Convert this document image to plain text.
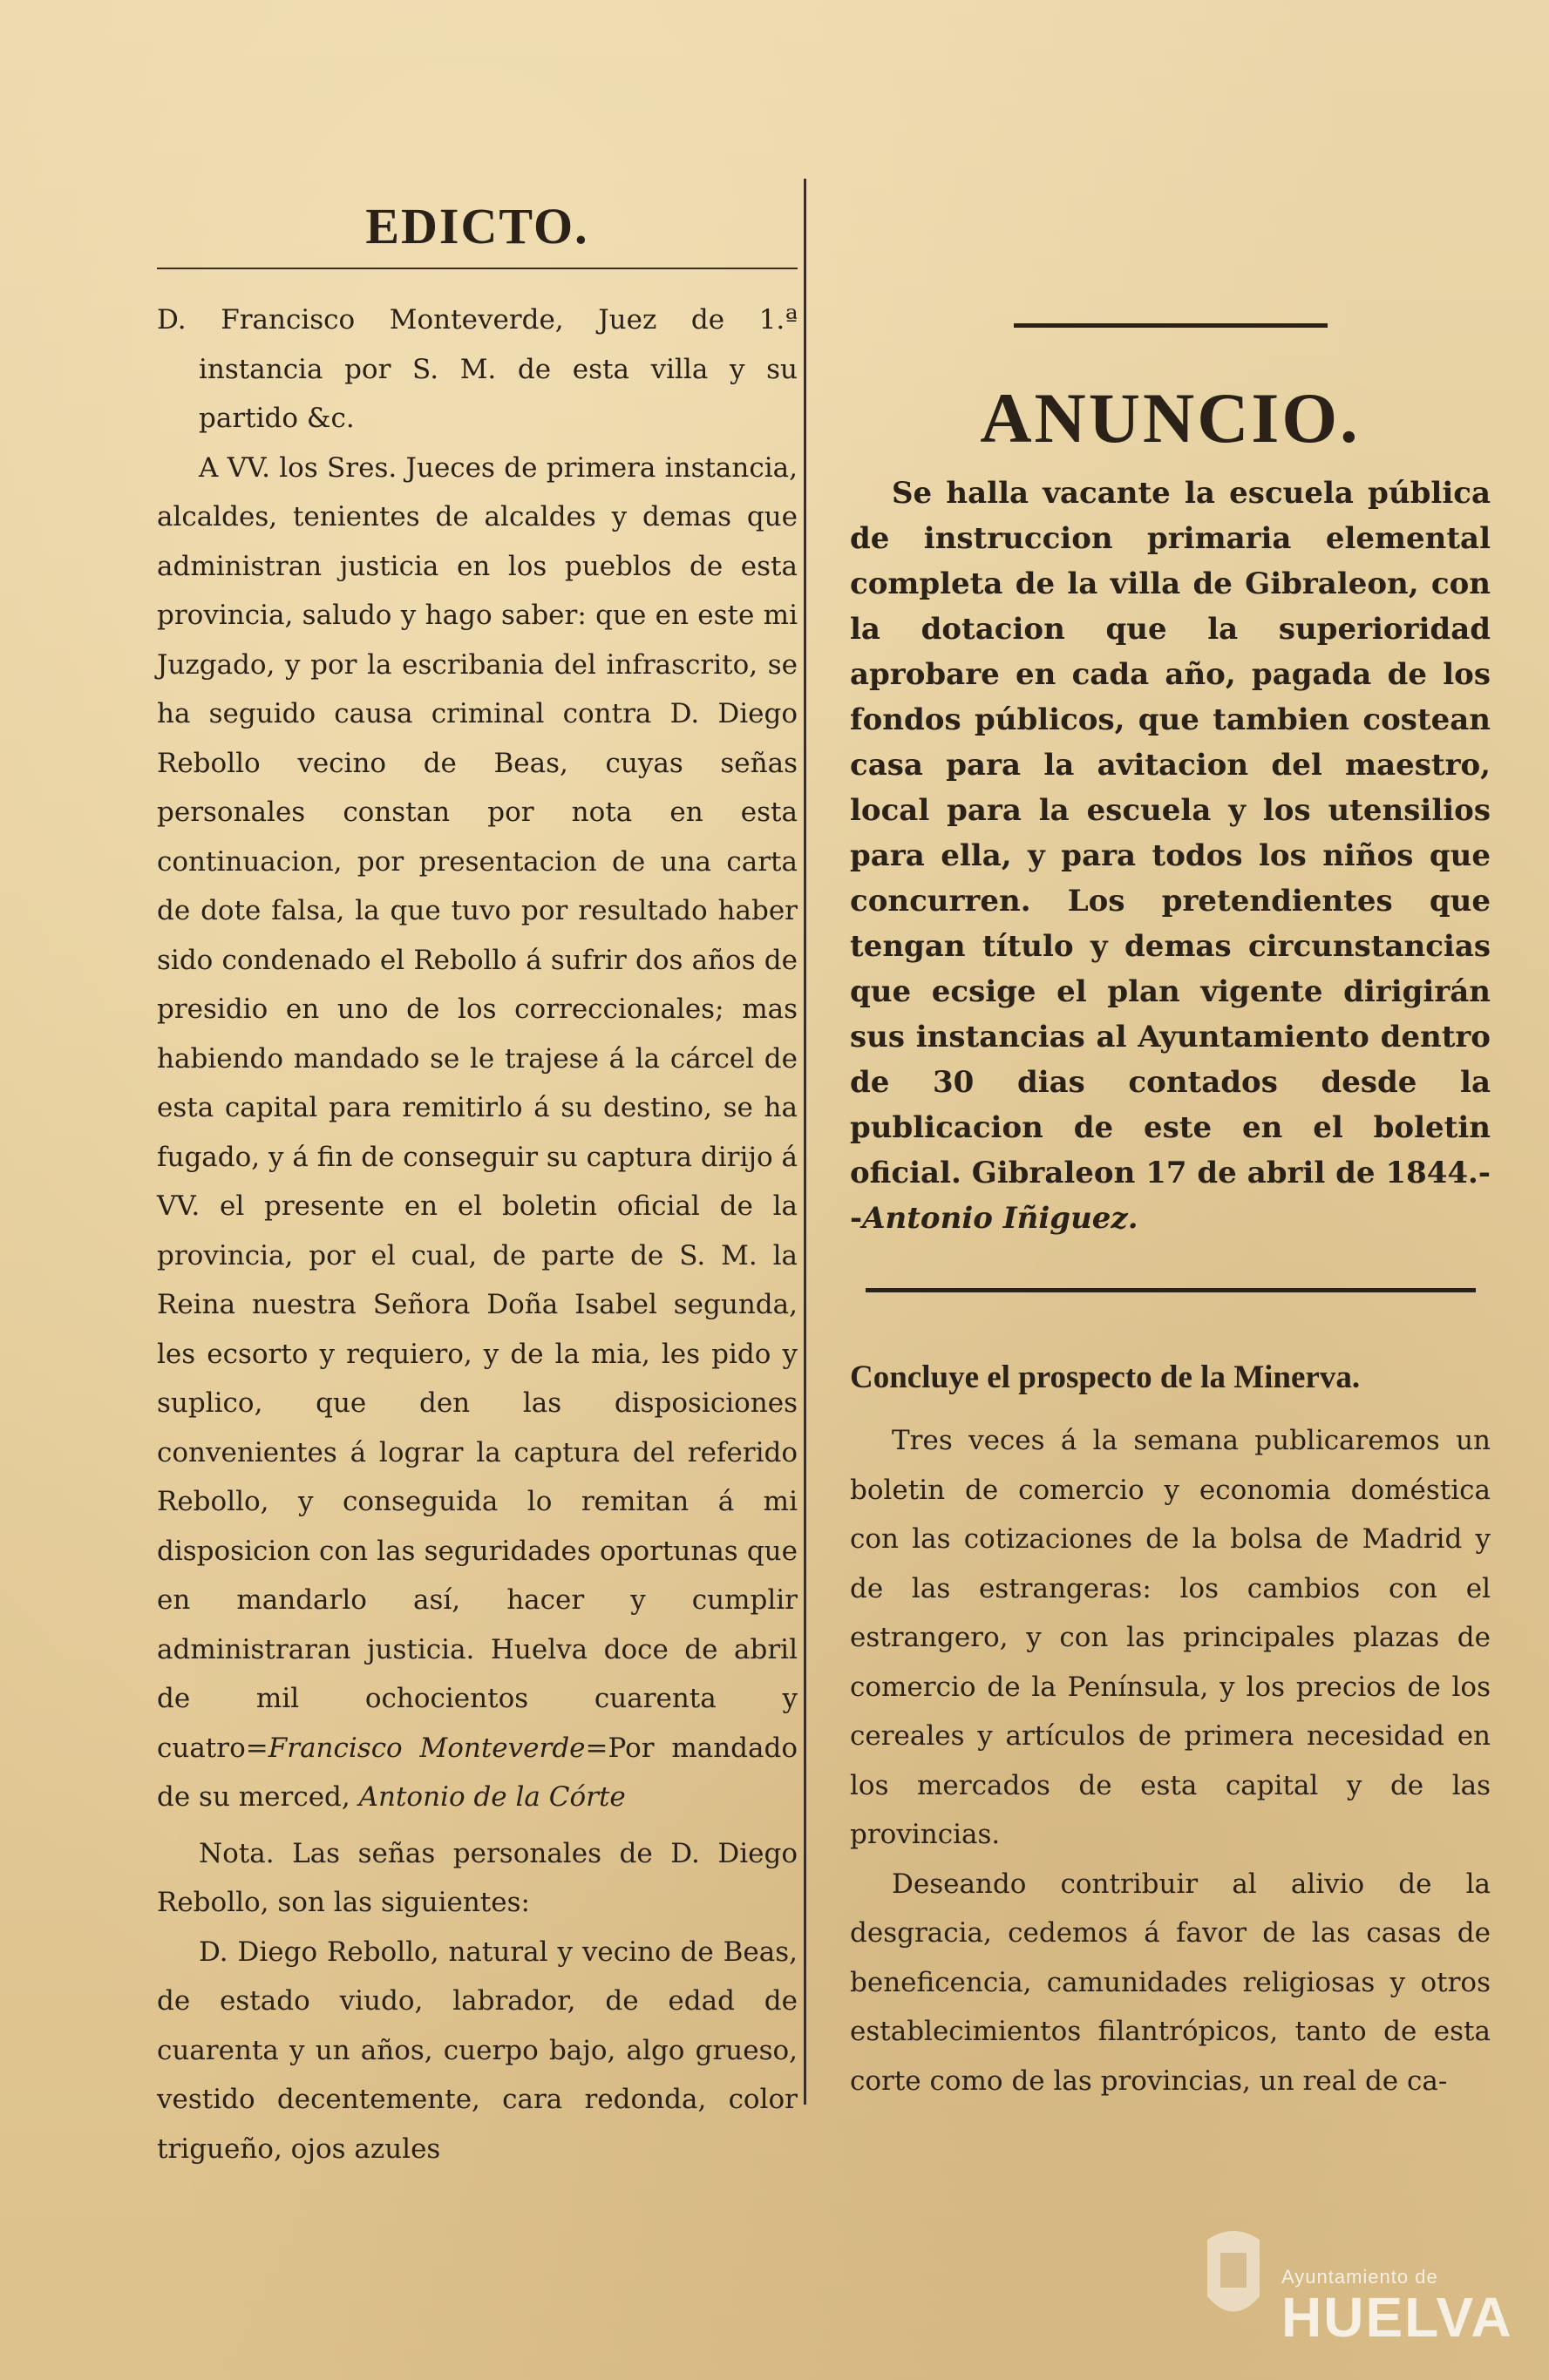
EDICTO.

D. Francisco Monteverde, Juez de 1.ª instancia por S. M. de esta villa y su partido &c.

A VV. los Sres. Jueces de primera instancia, alcaldes, tenientes de alcaldes y demas que administran justicia en los pueblos de esta provincia, saludo y hago saber: que en este mi Juzgado, y por la escribania del infrascrito, se ha seguido causa criminal contra D. Diego Rebollo vecino de Beas, cuyas señas personales constan por nota en esta continuacion, por presentacion de una carta de dote falsa, la que tuvo por resultado haber sido condenado el Rebollo á sufrir dos años de presidio en uno de los correccionales; mas habiendo mandado se le trajese á la cárcel de esta capital para remitirlo á su destino, se ha fugado, y á fin de conseguir su captura dirijo á VV. el presente en el boletin oficial de la provincia, por el cual, de parte de S. M. la Reina nuestra Señora Doña Isabel segunda, les ecsorto y requiero, y de la mia, les pido y suplico, que den las disposiciones convenientes á lograr la captura del referido Rebollo, y conseguida lo remitan á mi disposicion con las seguridades oportunas que en mandarlo así, hacer y cumplir administraran justicia. Huelva doce de abril de mil ochocientos cuarenta y cuatro=Francisco Monteverde=Por mandado de su merced, Antonio de la Córte

Nota. Las señas personales de D. Diego Rebollo, son las siguientes:

D. Diego Rebollo, natural y vecino de Beas, de estado viudo, labrador, de edad de cuarenta y un años, cuerpo bajo, algo grueso, vestido decentemente, cara redonda, color trigueño, ojos azules

ANUNCIO.

Se halla vacante la escuela pública de instruccion primaria elemental completa de la villa de Gibraleon, con la dotacion que la superioridad aprobare en cada año, pagada de los fondos públicos, que tambien costean casa para la avitacion del maestro, local para la escuela y los utensilios para ella, y para todos los niños que concurren. Los pretendientes que tengan título y demas circunstancias que ecsige el plan vigente dirigirán sus instancias al Ayuntamiento dentro de 30 dias contados desde la publicacion de este en el boletin oficial. Gibraleon 17 de abril de 1844.--Antonio Iñiguez.

Concluye el prospecto de la Minerva.

Tres veces á la semana publicaremos un boletin de comercio y economia doméstica con las cotizaciones de la bolsa de Madrid y de las estrangeras: los cambios con el estrangero, y con las principales plazas de comercio de la Península, y los precios de los cereales y artículos de primera necesidad en los mercados de esta capital y de las provincias.

Deseando contribuir al alivio de la desgracia, cedemos á favor de las casas de beneficencia, camunidades religiosas y otros establecimientos filantrópicos, tanto de esta corte como de las provincias, un real de ca-

Ayuntamiento de
HUELVA
